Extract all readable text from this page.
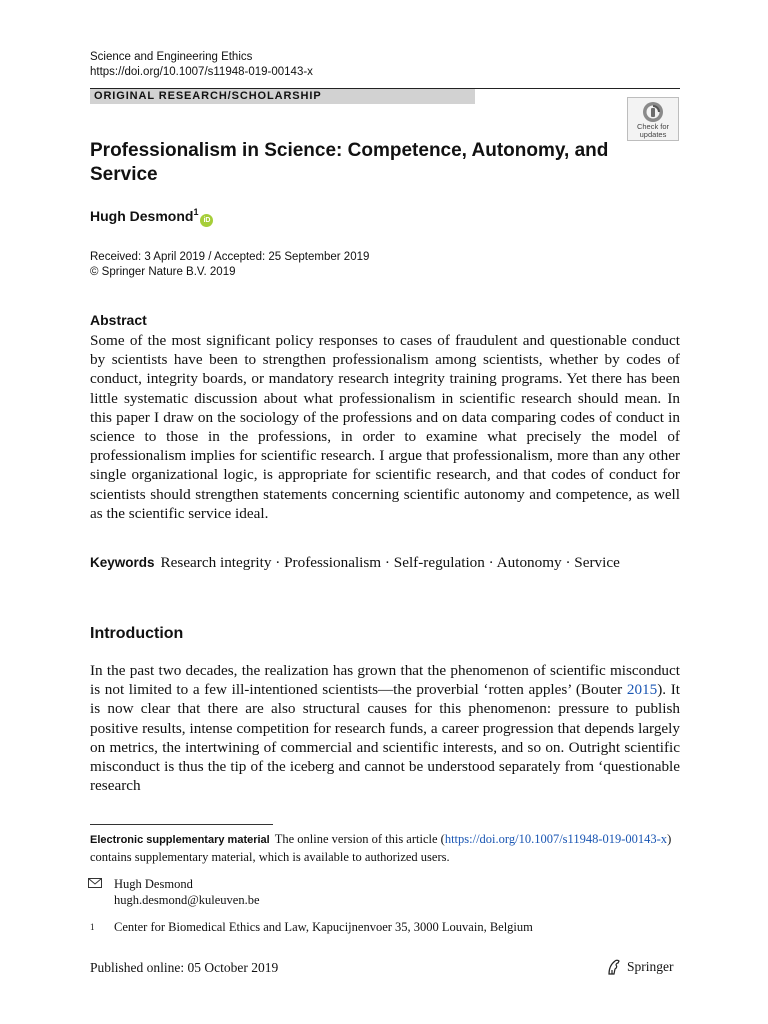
Science and Engineering Ethics
https://doi.org/10.1007/s11948-019-00143-x
ORIGINAL RESEARCH/SCHOLARSHIP
Check for
updates
Professionalism in Science: Competence, Autonomy, and Service
Hugh Desmond$^1$iD
Received: 3 April 2019 / Accepted: 25 September 2019
© Springer Nature B.V. 2019
Abstract
Some of the most significant policy responses to cases of fraudulent and questionable conduct by scientists have been to strengthen professionalism among scientists, whether by codes of conduct, integrity boards, or mandatory research integrity training programs. Yet there has been little systematic discussion about what professionalism in scientific research should mean. In this paper I draw on the sociology of the professions and on data comparing codes of conduct in science to those in the professions, in order to examine what precisely the model of professionalism implies for scientific research. I argue that professionalism, more than any other single organizational logic, is appropriate for scientific research, and that codes of conduct for scientists should strengthen statements concerning scientific autonomy and competence, as well as the scientific service ideal.
Keywords Research integrity · Professionalism · Self-regulation · Autonomy · Service
Introduction
In the past two decades, the realization has grown that the phenomenon of scientific misconduct is not limited to a few ill-intentioned scientists—the proverbial ‘rotten apples’ (Bouter 2015). It is now clear that there are also structural causes for this phenomenon: pressure to publish positive results, intense competition for research funds, a career progression that depends largely on metrics, the intertwining of commercial and scientific interests, and so on. Outright scientific misconduct is thus the tip of the iceberg and cannot be understood separately from ‘questionable research
Electronic supplementary material The online version of this article (https://doi.org/10.1007/s11948-019-00143-x) contains supplementary material, which is available to authorized users.
Hugh Desmond
hugh.desmond@kuleuven.be
1	Center for Biomedical Ethics and Law, Kapucijnenvoer 35, 3000 Louvain, Belgium
Published online: 05 October 2019	Springer
